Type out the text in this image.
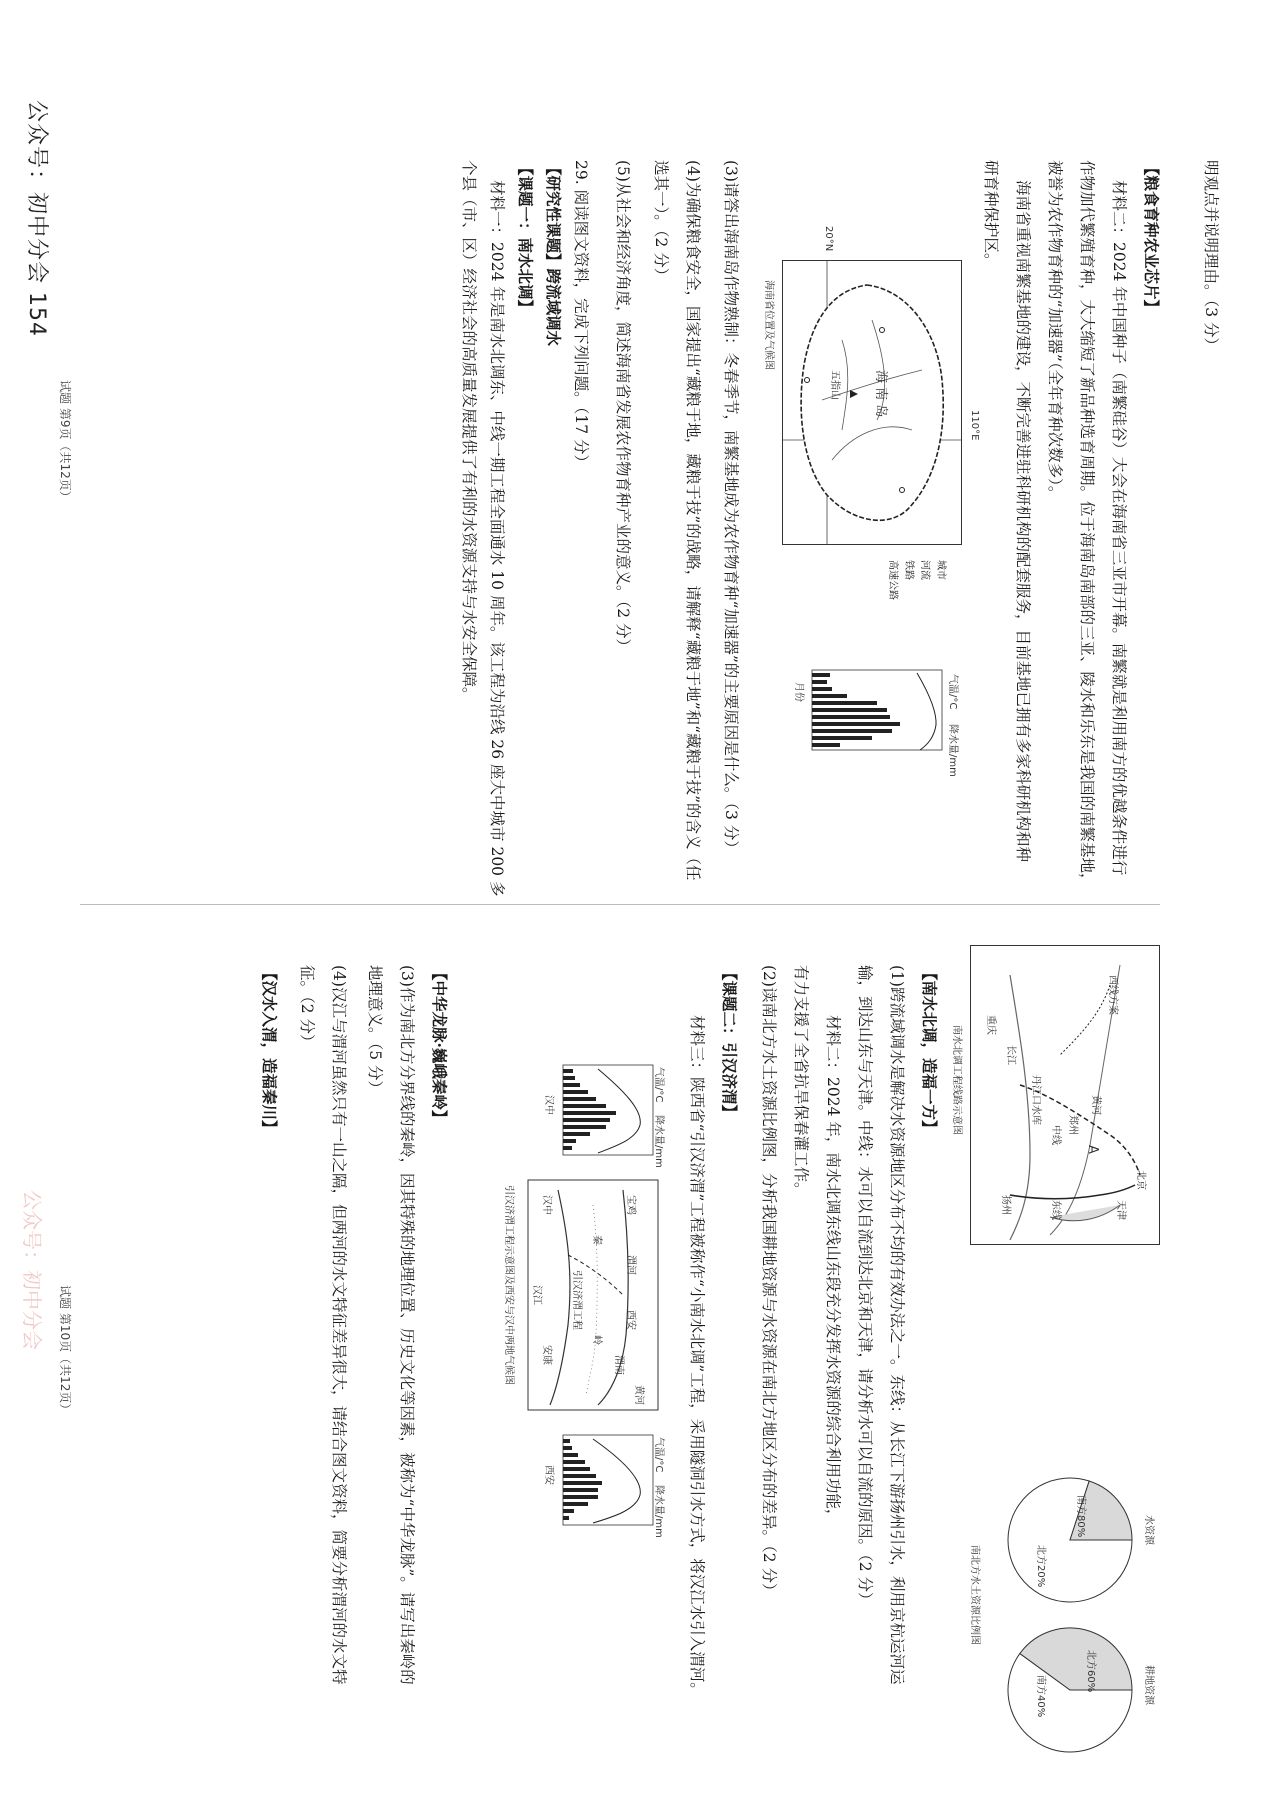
公众号：初中分会 154
公众号：初中分会
明观点并说明理由。（3 分）
【粮食育种农业芯片】
材料二：2024 年中国种子（南繁硅谷）大会在海南省三亚市开幕。南繁就是利用南方的优越条件进行
作物加代繁殖育种，大大缩短了新品种选育周期。位于海南岛南部的三亚、陵水和乐东是我国的南繁基地，
被誉为农作物育种的“加速器”（全年育种次数多）。
海南省重视南繁基地的建设，不断完善进驻科研机构的配套服务，目前基地已拥有多家科研机构和种
研育种保护区。
110°E
20°N
海 南 岛
五指山
海南省位置及气候图
城市
河流
铁路
高速公路
气温/°C
降水量/mm
月份
(3)请答出海南岛作物熟制：冬春季节，南繁基地成为农作物育种“加速器”的主要原因是什么。（3 分）
(4)为确保粮食安全，国家提出“藏粮于地，藏粮于技”的战略，请解释“藏粮于地”和“藏粮于技”的含义（任
选其一）。（2 分）
(5)从社会和经济角度，简述海南省发展农作物育种产业的意义。（2 分）
29. 阅读图文资料，完成下列问题。（17 分）
【研究性课题】跨流域调水
【课题一：南水北调】
材料一：2024 年是南水北调东、中线一期工程全面通水 10 周年。该工程为沿线 26 座大中城市 200 多
个县（市、区）经济社会的高质量发展提供了有利的水资源支持与水安全保障。
试题 第9页（共12页）
北京
天津
西线方案
黄河
中线
东线
长江
A
郑州
丹江口水库
扬州
重庆
南水北调工程线路示意图
水资源
耕地资源
南方80%
北方20%
北方60%
南方40%
南北方水土资源比例图
【南水北调，造福一方】
(1)跨流域调水是解决水资源地区分布不均的有效办法之一。东线：从长江下游扬州引水，利用京杭运河运
输，到达山东与天津。中线：水可以自流到达北京和天津，请分析水可以自流的原因。（2 分）
材料二：2024 年，南水北调东线山东段充分发挥水资源的综合利用功能，
有力支援了全省抗旱保春灌工作。
(2)读南北方水土资源比例图，分析我国耕地资源与水资源在南北方地区分布的差异。（2 分）
【课题二：引汉济渭】
材料三：陕西省“引汉济渭”工程被称作“小南水北调”工程，采用隧洞引水方式，将汉江水引入渭河。
气温/°C
降水量/mm
汉中
气温/°C
降水量/mm
西安
宝鸡
渭河
西安
秦
岭
汉中
安康
引汉济渭工程
渭南
黄河
汉江
引汉济渭工程示意图及西安与汉中两地气候图
【中华龙脉·巍峨秦岭】
(3)作为南北方分界线的秦岭，因其特殊的地理位置、历史文化等因素，被称为“中华龙脉”。请写出秦岭的
地理意义。（5 分）
(4)汉江与渭河虽然只有一山之隔，但两河的水文特征差异很大，请结合图文资料，简要分析渭河的水文特
征。（2 分）
【汉水入渭，造福秦川】
试题 第10页（共12页）
